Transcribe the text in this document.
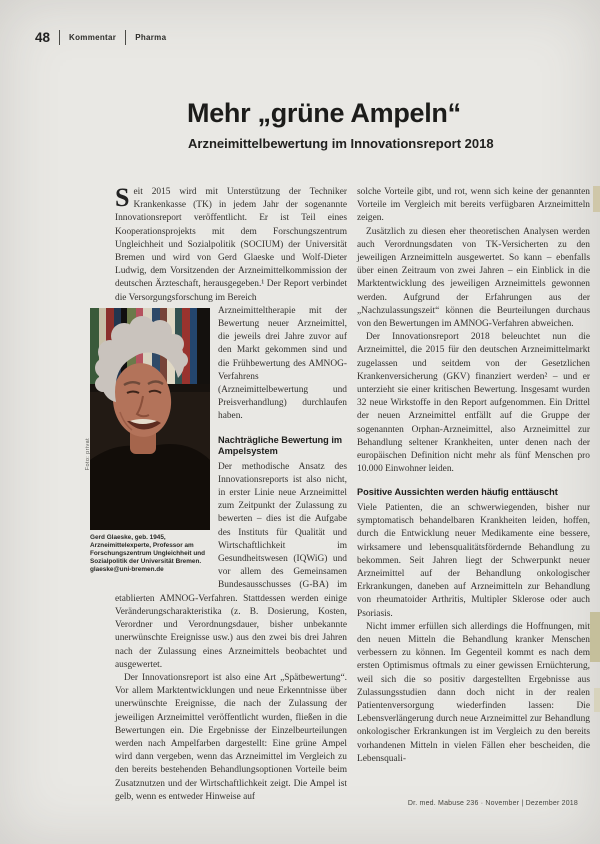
48 Kommentar Pharma
Mehr „grüne Ampeln“
Arzneimittelbewertung im Innovationsreport 2018

Seit 2015 wird mit Unterstützung der Techniker Krankenkasse (TK) in jedem Jahr der sogenannte Innovationsreport veröffentlicht. Er ist Teil eines Kooperationsprojekts mit dem Forschungszentrum Ungleichheit und Sozialpolitik (SOCIUM) der Universität Bremen und wird von Gerd Glaeske und Wolf-Dieter Ludwig, dem Vorsitzenden der Arzneimittelkommission der deutschen Ärzteschaft, herausgegeben.¹ Der Report verbindet die Versorgungsforschung im Bereich

Gerd Glaeske, geb. 1945, Arzneimittelexperte, Professor am Forschungszentrum Ungleichheit und Sozialpolitik der Universität Bremen.
glaeske@uni-bremen.de
Foto: privat

Arzneimitteltherapie mit der Bewertung neuer Arzneimittel, die jeweils drei Jahre zuvor auf den Markt gekommen sind und die Frühbewertung des AMNOG-Verfahrens (Arzneimittelbewertung und Preisverhandlung) durchlaufen haben.

Nachträgliche Bewertung im Ampelsystem

Der methodische Ansatz des Innovationsreports ist also nicht, in erster Linie neue Arzneimittel zum Zeitpunkt der Zulassung zu bewerten – dies ist die Aufgabe des Instituts für Qualität und Wirtschaftlichkeit im Gesundheitswesen (IQWiG) und vor allem des Gemeinsamen Bundesausschusses (G-BA) im etablierten AMNOG-Verfahren. Stattdessen werden einige Veränderungscharakteristika (z. B. Dosierung, Kosten, Verordner und Verordnungsdauer, bisher unbekannte unerwünschte Ereignisse usw.) aus den zwei bis drei Jahren nach der Zulassung eines Arzneimittels beobachtet und ausgewertet.

Der Innovationsreport ist also eine Art „Spätbewertung“. Vor allem Marktentwicklungen und neue Erkenntnisse über unerwünschte Ereignisse, die nach der Zulassung der jeweiligen Arzneimittel veröffentlicht wurden, fließen in die Bewertungen ein. Die Ergebnisse der Einzelbeurteilungen werden nach Ampelfarben dargestellt: Eine grüne Ampel wird dann vergeben, wenn das Arzneimittel im Vergleich zu den bereits bestehenden Behandlungsoptionen Vorteile beim Zusatznutzen und der Wirtschaftlichkeit zeigt. Die Ampel ist gelb, wenn es entweder Hinweise auf

solche Vorteile gibt, und rot, wenn sich keine der genannten Vorteile im Vergleich mit bereits verfügbaren Arzneimitteln zeigen.

Zusätzlich zu diesen eher theoretischen Analysen werden auch Verordnungsdaten von TK-Versicherten zu den jeweiligen Arzneimitteln ausgewertet. So kann – ebenfalls über einen Zeitraum von zwei Jahren – ein Einblick in die Marktentwicklung des jeweiligen Arzneimittels gewonnen werden. Aufgrund der Erfahrungen aus der „Nachzulassungszeit“ können die Beurteilungen durchaus von den Bewertungen im AMNOG-Verfahren abweichen.

Der Innovationsreport 2018 beleuchtet nun die Arzneimittel, die 2015 für den deutschen Arzneimittelmarkt zugelassen und seitdem von der Gesetzlichen Krankenversicherung (GKV) finanziert werden² – und er unterzieht sie einer kritischen Bewertung. Insgesamt wurden 32 neue Wirkstoffe in den Report aufgenommen. Ein Drittel der neuen Arzneimittel entfällt auf die Gruppe der sogenannten Orphan-Arzneimittel, also Arzneimittel zur Behandlung seltener Krankheiten, unter denen nach der europäischen Definition nicht mehr als fünf Menschen pro 10.000 Einwohner leiden.

Positive Aussichten werden häufig enttäuscht

Viele Patienten, die an schwerwiegenden, bisher nur symptomatisch behandelbaren Krankheiten leiden, hoffen, durch die Entwicklung neuer Medikamente eine bessere, wirksamere und lebensqualitätsfördernde Behandlung zu bekommen. Seit Jahren liegt der Schwerpunkt neuer Arzneimittel auf der Behandlung onkologischer Erkrankungen, daneben auf Arzneimitteln zur Behandlung von rheumatoider Arthritis, Multipler Sklerose oder auch Psoriasis.

Nicht immer erfüllen sich allerdings die Hoffnungen, mit den neuen Mitteln die Behandlung kranker Menschen verbessern zu können. Im Gegenteil kommt es nach dem ersten Optimismus oftmals zu einer gewissen Ernüchterung, weil sich die so positiv dargestellten Ergebnisse aus Zulassungsstudien dann doch nicht in der realen Patientenversorgung wiederfinden lassen: Die Lebensverlängerung durch neue Arzneimittel zur Behandlung onkologischer Erkrankungen ist im Vergleich zu den bereits vorhandenen Mitteln in vielen Fällen eher bescheiden, die Lebensquali-

Dr. med. Mabuse 236 · November | Dezember 2018
